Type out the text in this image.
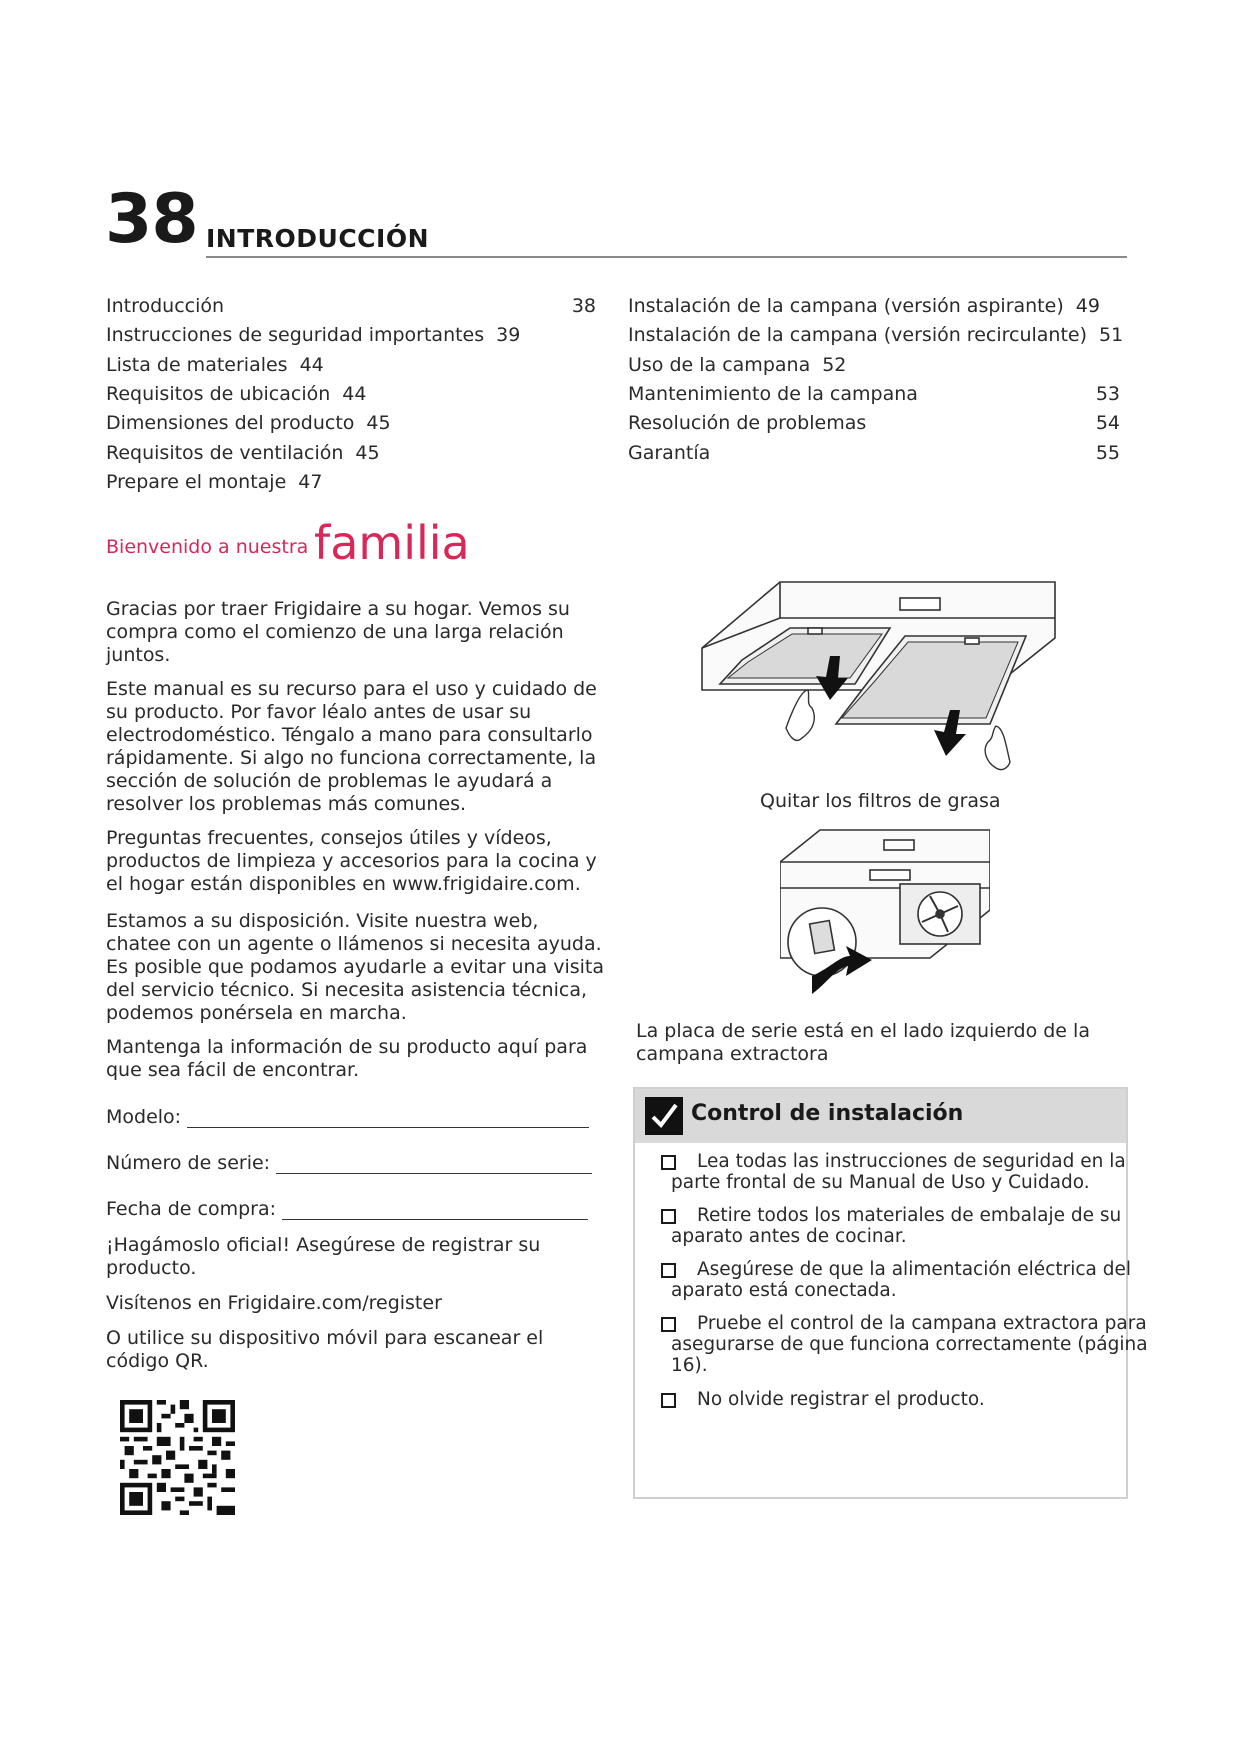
38 INTRODUCCIÓN
Introducción	38
Instrucciones de seguridad importantes 39
Lista de materiales 44
Requisitos de ubicación 44
Dimensiones del producto 45
Requisitos de ventilación 45
Prepare el montaje 47
Instalación de la campana (versión aspirante) 49
Instalación de la campana (versión recirculante) 51
Uso de la campana 52
Mantenimiento de la campana	53
Resolución de problemas	54
Garantía	55
Bienvenido a nuestra familia
Gracias por traer Frigidaire a su hogar. Vemos su compra como el comienzo de una larga relación juntos.
Este manual es su recurso para el uso y cuidado de su producto. Por favor léalo antes de usar su electrodoméstico. Téngalo a mano para consultarlo rápidamente. Si algo no funciona correctamente, la sección de solución de problemas le ayudará a resolver los problemas más comunes.
Preguntas frecuentes, consejos útiles y vídeos, productos de limpieza y accesorios para la cocina y el hogar están disponibles en www.frigidaire.com.
Estamos a su disposición. Visite nuestra web, chatee con un agente o llámenos si necesita ayuda. Es posible que podamos ayudarle a evitar una visita del servicio técnico. Si necesita asistencia técnica, podemos ponérsela en marcha.
Mantenga la información de su producto aquí para que sea fácil de encontrar.
Modelo:
Número de serie:
Fecha de compra:
¡Hagámoslo oficial! Asegúrese de registrar su producto.
Visítenos en Frigidaire.com/register
O utilice su dispositivo móvil para escanear el código QR.
Quitar los filtros de grasa
La placa de serie está en el lado izquierdo de la campana extractora
Control de instalación
Lea todas las instrucciones de seguridad en la parte frontal de su Manual de Uso y Cuidado.
Retire todos los materiales de embalaje de su aparato antes de cocinar.
Asegúrese de que la alimentación eléctrica del aparato está conectada.
Pruebe el control de la campana extractora para asegurarse de que funciona correctamente (página 16).
No olvide registrar el producto.
